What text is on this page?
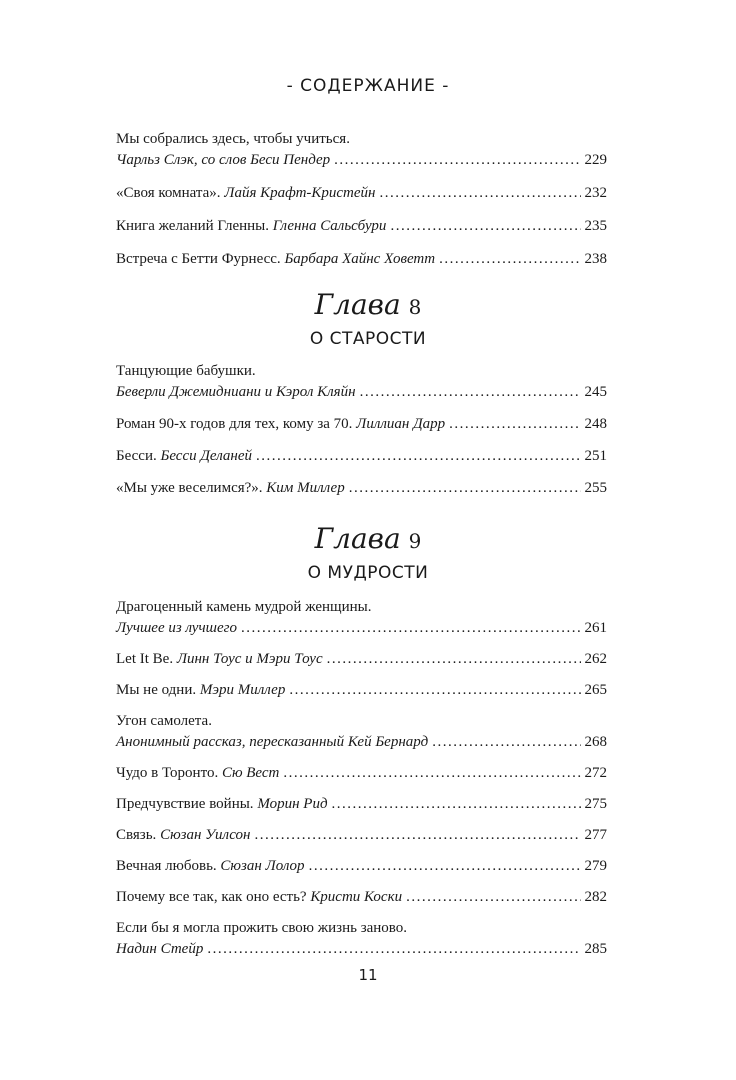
- СОДЕРЖАНИЕ -
Мы собрались здесь, чтобы учиться.
Чарльз Слэк, со слов Беси Пендер .....	229
«Своя комната». Лайя Крафт-Кристейн .....	232
Книга желаний Гленны. Гленна Сальсбури .....	235
Встреча с Бетти Фурнесс. Барбара Хайнс Ховетт .....	238
Глава 8
О СТАРОСТИ
Танцующие бабушки.
Беверли Джемидниани и Кэрол Кляйн .....	245
Роман 90-х годов для тех, кому за 70. Лиллиан Дарр .....	248
Бесси. Бесси Деланей .....	251
«Мы уже веселимся?». Ким Миллер .....	255
Глава 9
О МУДРОСТИ
Драгоценный камень мудрой женщины.
Лучшее из лучшего .....	261
Let It Be. Линн Тоус и Мэри Тоус .....	262
Мы не одни. Мэри Миллер .....	265
Угон самолета.
Анонимный рассказ, пересказанный Кей Бернард .....	268
Чудо в Торонто. Сю Вест .....	272
Предчувствие войны. Морин Рид .....	275
Связь. Сюзан Уилсон .....	277
Вечная любовь. Сюзан Лолор .....	279
Почему все так, как оно есть? Кристи Коски .....	282
Если бы я могла прожить свою жизнь заново.
Надин Стейр .....	285
11
